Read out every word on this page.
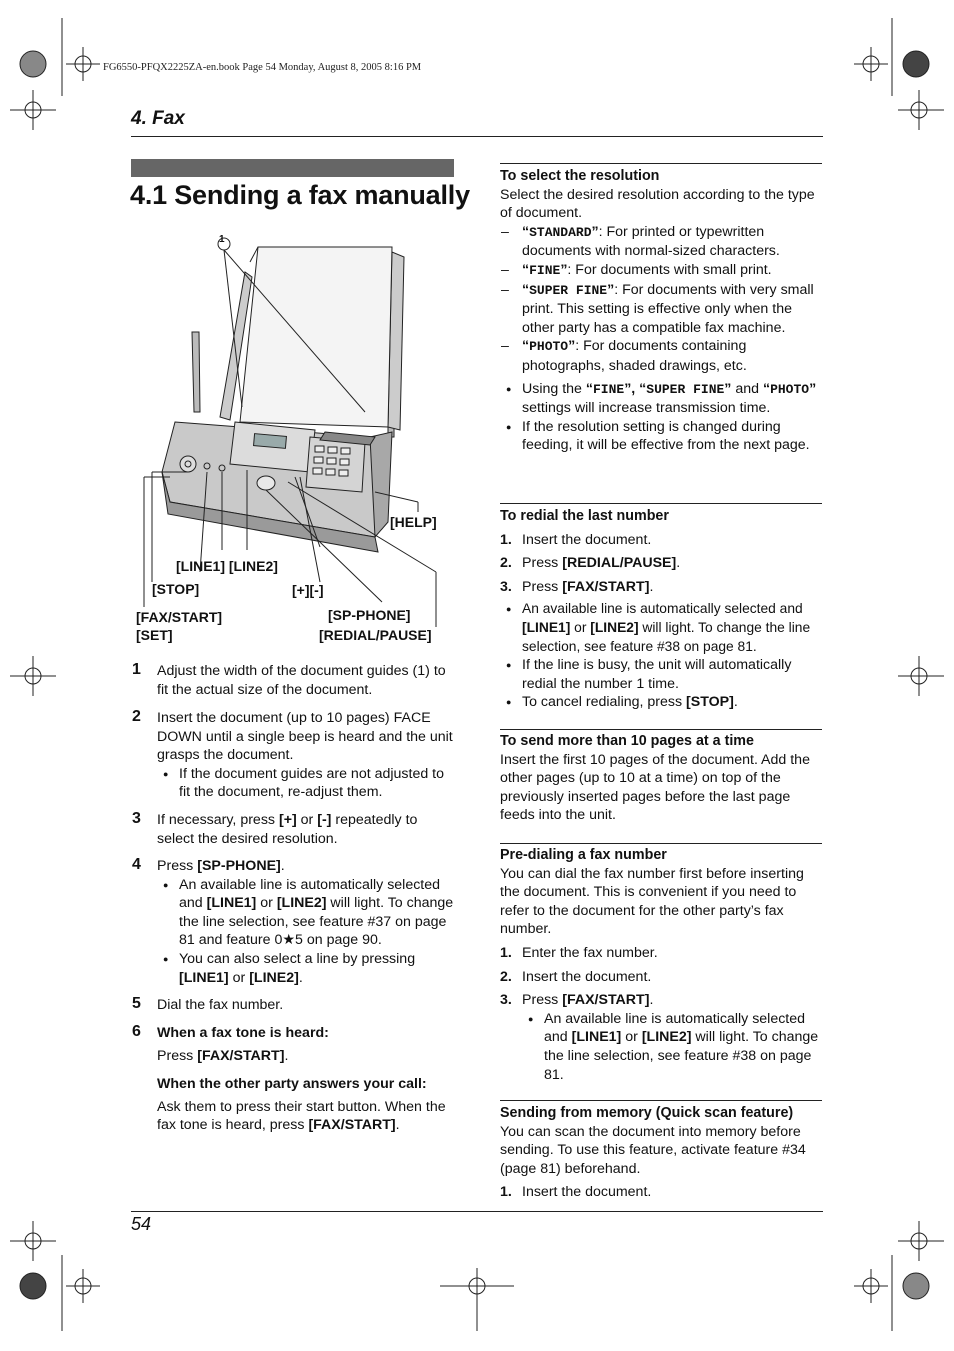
FG6550-PFQX2225ZA-en.book Page 54 Monday, August 8, 2005 8:16 PM
4. Fax
4.1 Sending a fax manually
1
[HELP]
[LINE1] [LINE2]
[STOP]	[+][-]
[FAX/START]	[SP-PHONE]
[SET]	[REDIAL/PAUSE]
1 Adjust the width of the document guides (1) to fit the actual size of the document.
2 Insert the document (up to 10 pages) FACE DOWN until a single beep is heard and the unit grasps the document.
● If the document guides are not adjusted to fit the document, re-adjust them.
3 If necessary, press [+] or [-] repeatedly to select the desired resolution.
4 Press [SP-PHONE].
● An available line is automatically selected and [LINE1] or [LINE2] will light. To change the line selection, see feature #37 on page 81 and feature 0★5 on page 90.
● You can also select a line by pressing [LINE1] or [LINE2].
5 Dial the fax number.
6 When a fax tone is heard:
Press [FAX/START].
When the other party answers your call:
Ask them to press their start button. When the fax tone is heard, press [FAX/START].
To select the resolution

Select the desired resolution according to the type of document.

– “STANDARD”: For printed or typewritten documents with normal-sized characters.
– “FINE”: For documents with small print.
– “SUPER FINE”: For documents with very small print. This setting is effective only when the other party has a compatible fax machine.
– “PHOTO”: For documents containing photographs, shaded drawings, etc.
● Using the “FINE”, “SUPER FINE” and “PHOTO” settings will increase transmission time.
● If the resolution setting is changed during feeding, it will be effective from the next page.
To redial the last number
1. Insert the document.
2. Press [REDIAL/PAUSE].
3. Press [FAX/START].
● An available line is automatically selected and [LINE1] or [LINE2] will light. To change the line selection, see feature #38 on page 81.
● If the line is busy, the unit will automatically redial the number 1 time.
● To cancel redialing, press [STOP].
To send more than 10 pages at a time

Insert the first 10 pages of the document. Add the other pages (up to 10 at a time) on top of the previously inserted pages before the last page feeds into the unit.

Pre-dialing a fax number

You can dial the fax number first before inserting the document. This is convenient if you need to refer to the document for the other party’s fax number.

1. Enter the fax number.
2. Insert the document.
3. Press [FAX/START].
● An available line is automatically selected and [LINE1] or [LINE2] will light. To change the line selection, see feature #38 on page 81.
Sending from memory (Quick scan feature)

You can scan the document into memory before sending. To use this feature, activate feature #34 (page 81) beforehand.

1. Insert the document.
54
